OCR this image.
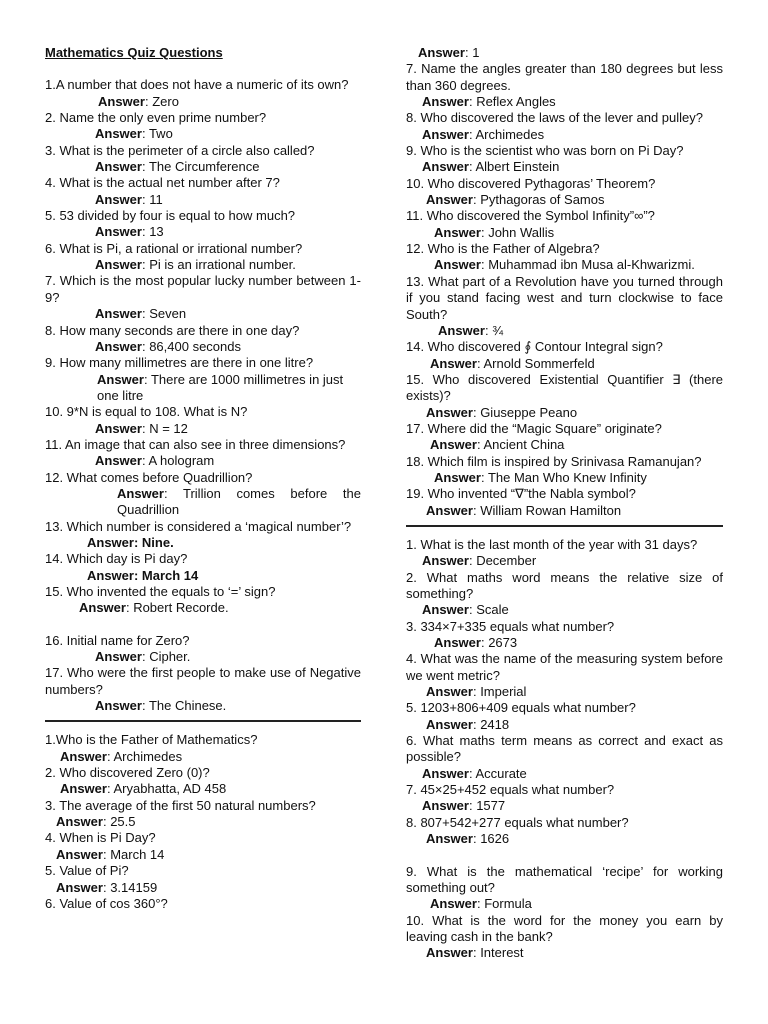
Mathematics Quiz Questions
1.A number that does not have a numeric of its own?
Answer: Zero
2. Name the only even prime number?
Answer: Two
3. What is the perimeter of a circle also called?
Answer: The Circumference
4. What is the actual net number after 7?
Answer: 11
5. 53 divided by four is equal to how much?
Answer: 13
6. What is Pi, a rational or irrational number?
Answer: Pi is an irrational number.
7. Which is the most popular lucky number between 1-9?
Answer: Seven
8. How many seconds are there in one day?
Answer: 86,400 seconds
9. How many millimetres are there in one litre?
Answer: There are 1000 millimetres in just one litre
10. 9*N is equal to 108. What is N?
Answer: N = 12
11. An image that can also see in three dimensions?
Answer: A hologram
12. What comes before Quadrillion?
Answer: Trillion comes before the Quadrillion
13. Which number is considered a ‘magical number’?
Answer: Nine.
14. Which day is Pi day?
Answer: March 14
15. Who invented the equals to ‘=’ sign?
Answer: Robert Recorde.
16. Initial name for Zero?
Answer: Cipher.
17. Who were the first people to make use of Negative numbers?
Answer: The Chinese.
1.Who is the Father of Mathematics?
Answer: Archimedes
2. Who discovered Zero (0)?
Answer: Aryabhatta, AD 458
3. The average of the first 50 natural numbers?
Answer: 25.5
4. When is Pi Day?
Answer: March 14
5. Value of Pi?
Answer: 3.14159
6. Value of cos 360°?
Answer: 1
7. Name the angles greater than 180 degrees but less than 360 degrees.
Answer: Reflex Angles
8. Who discovered the laws of the lever and pulley?
Answer: Archimedes
9. Who is the scientist who was born on Pi Day?
Answer: Albert Einstein
10. Who discovered Pythagoras’ Theorem?
Answer: Pythagoras of Samos
11. Who discovered the Symbol Infinity”∞”?
Answer: John Wallis
12. Who is the Father of Algebra?
Answer: Muhammad ibn Musa al-Khwarizmi.
13. What part of a Revolution have you turned through if you stand facing west and turn clockwise to face South?
Answer: ¾
14. Who discovered ∮ Contour Integral sign?
Answer: Arnold Sommerfeld
15. Who discovered Existential Quantifier ∃ (there exists)?
Answer: Giuseppe Peano
17. Where did the “Magic Square” originate?
Answer: Ancient China
18. Which film is inspired by Srinivasa Ramanujan?
Answer: The Man Who Knew Infinity
19. Who invented “∇”the Nabla symbol?
Answer: William Rowan Hamilton
1. What is the last month of the year with 31 days?
Answer: December
2. What maths word means the relative size of something?
Answer: Scale
3. 334×7+335 equals what number?
Answer: 2673
4. What was the name of the measuring system before we went metric?
Answer: Imperial
5. 1203+806+409 equals what number?
Answer: 2418
6. What maths term means as correct and exact as possible?
Answer: Accurate
7. 45×25+452 equals what number?
Answer: 1577
8. 807+542+277 equals what number?
Answer: 1626
9. What is the mathematical ‘recipe’ for working something out?
Answer: Formula
10. What is the word for the money you earn by leaving cash in the bank?
Answer: Interest
